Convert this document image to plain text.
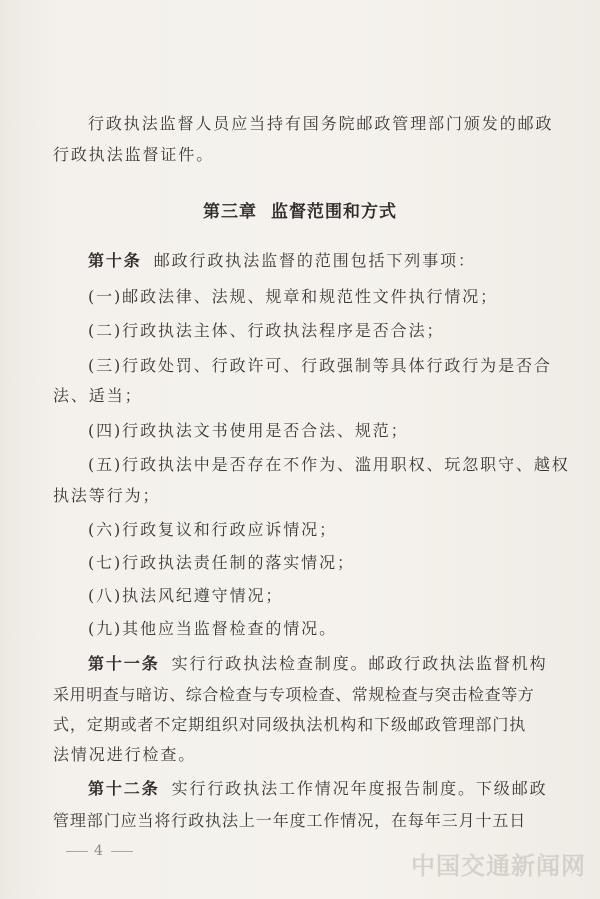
行政执法监督人员应当持有国务院邮政管理部门颁发的邮政

行政执法监督证件。

第三章 监督范围和方式

第十条 邮政行政执法监督的范围包括下列事项：

(一)邮政法律、法规、规章和规范性文件执行情况；

(二)行政执法主体、行政执法程序是否合法；

(三)行政处罚、行政许可、行政强制等具体行政行为是否合

法、适当；

(四)行政执法文书使用是否合法、规范；

(五)行政执法中是否存在不作为、滥用职权、玩忽职守、越权

执法等行为；

(六)行政复议和行政应诉情况；

(七)行政执法责任制的落实情况；

(八)执法风纪遵守情况；

(九)其他应当监督检查的情况。

第十一条 实行行政执法检查制度。邮政行政执法监督机构

采用明查与暗访、综合检查与专项检查、常规检查与突击检查等方

式，定期或者不定期组织对同级执法机构和下级邮政管理部门执

法情况进行检查。

第十二条 实行行政执法工作情况年度报告制度。下级邮政

管理部门应当将行政执法上一年度工作情况，在每年三月十五日

4
中国交通新闻网
